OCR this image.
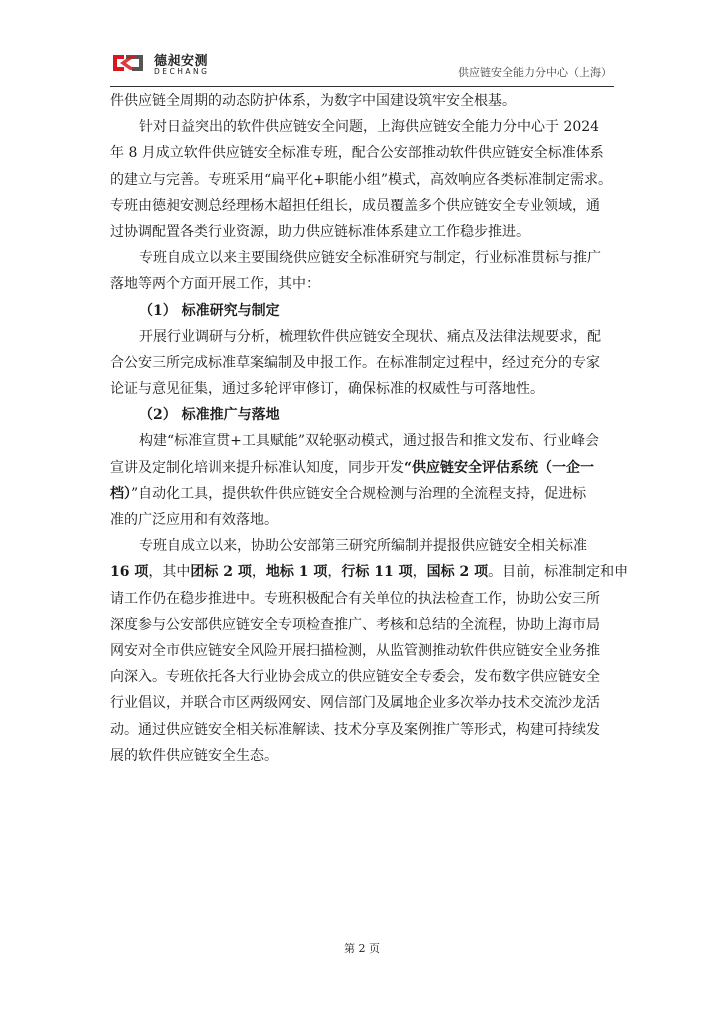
德昶安测
DECHANG	供应链安全能力分中心（上海）
件供应链全周期的动态防护体系，为数字中国建设筑牢安全根基。
针对日益突出的软件供应链安全问题，上海供应链安全能力分中心于 2024
年 8 月成立软件供应链安全标准专班，配合公安部推动软件供应链安全标准体系
的建立与完善。专班采用“扁平化+职能小组”模式，高效响应各类标准制定需求。
专班由德昶安测总经理杨木超担任组长，成员覆盖多个供应链安全专业领域，通
过协调配置各类行业资源，助力供应链标准体系建立工作稳步推进。
专班自成立以来主要围绕供应链安全标准研究与制定，行业标准贯标与推广
落地等两个方面开展工作，其中：
（1） 标准研究与制定
开展行业调研与分析，梳理软件供应链安全现状、痛点及法律法规要求，配
合公安三所完成标准草案编制及申报工作。在标准制定过程中，经过充分的专家
论证与意见征集，通过多轮评审修订，确保标准的权威性与可落地性。
（2） 标准推广与落地
构建“标准宣贯+工具赋能”双轮驱动模式，通过报告和推文发布、行业峰会
宣讲及定制化培训来提升标准认知度，同步开发“供应链安全评估系统（一企一
档）”自动化工具，提供软件供应链安全合规检测与治理的全流程支持，促进标
准的广泛应用和有效落地。
专班自成立以来，协助公安部第三研究所编制并提报供应链安全相关标准
16 项，其中团标 2 项，地标 1 项，行标 11 项，国标 2 项。目前，标准制定和申
请工作仍在稳步推进中。专班积极配合有关单位的执法检查工作，协助公安三所
深度参与公安部供应链安全专项检查推广、考核和总结的全流程，协助上海市局
网安对全市供应链安全风险开展扫描检测，从监管测推动软件供应链安全业务推
向深入。专班依托各大行业协会成立的供应链安全专委会，发布数字供应链安全
行业倡议，并联合市区两级网安、网信部门及属地企业多次举办技术交流沙龙活
动。通过供应链安全相关标准解读、技术分享及案例推广等形式，构建可持续发
展的软件供应链安全生态。
第 2 页
